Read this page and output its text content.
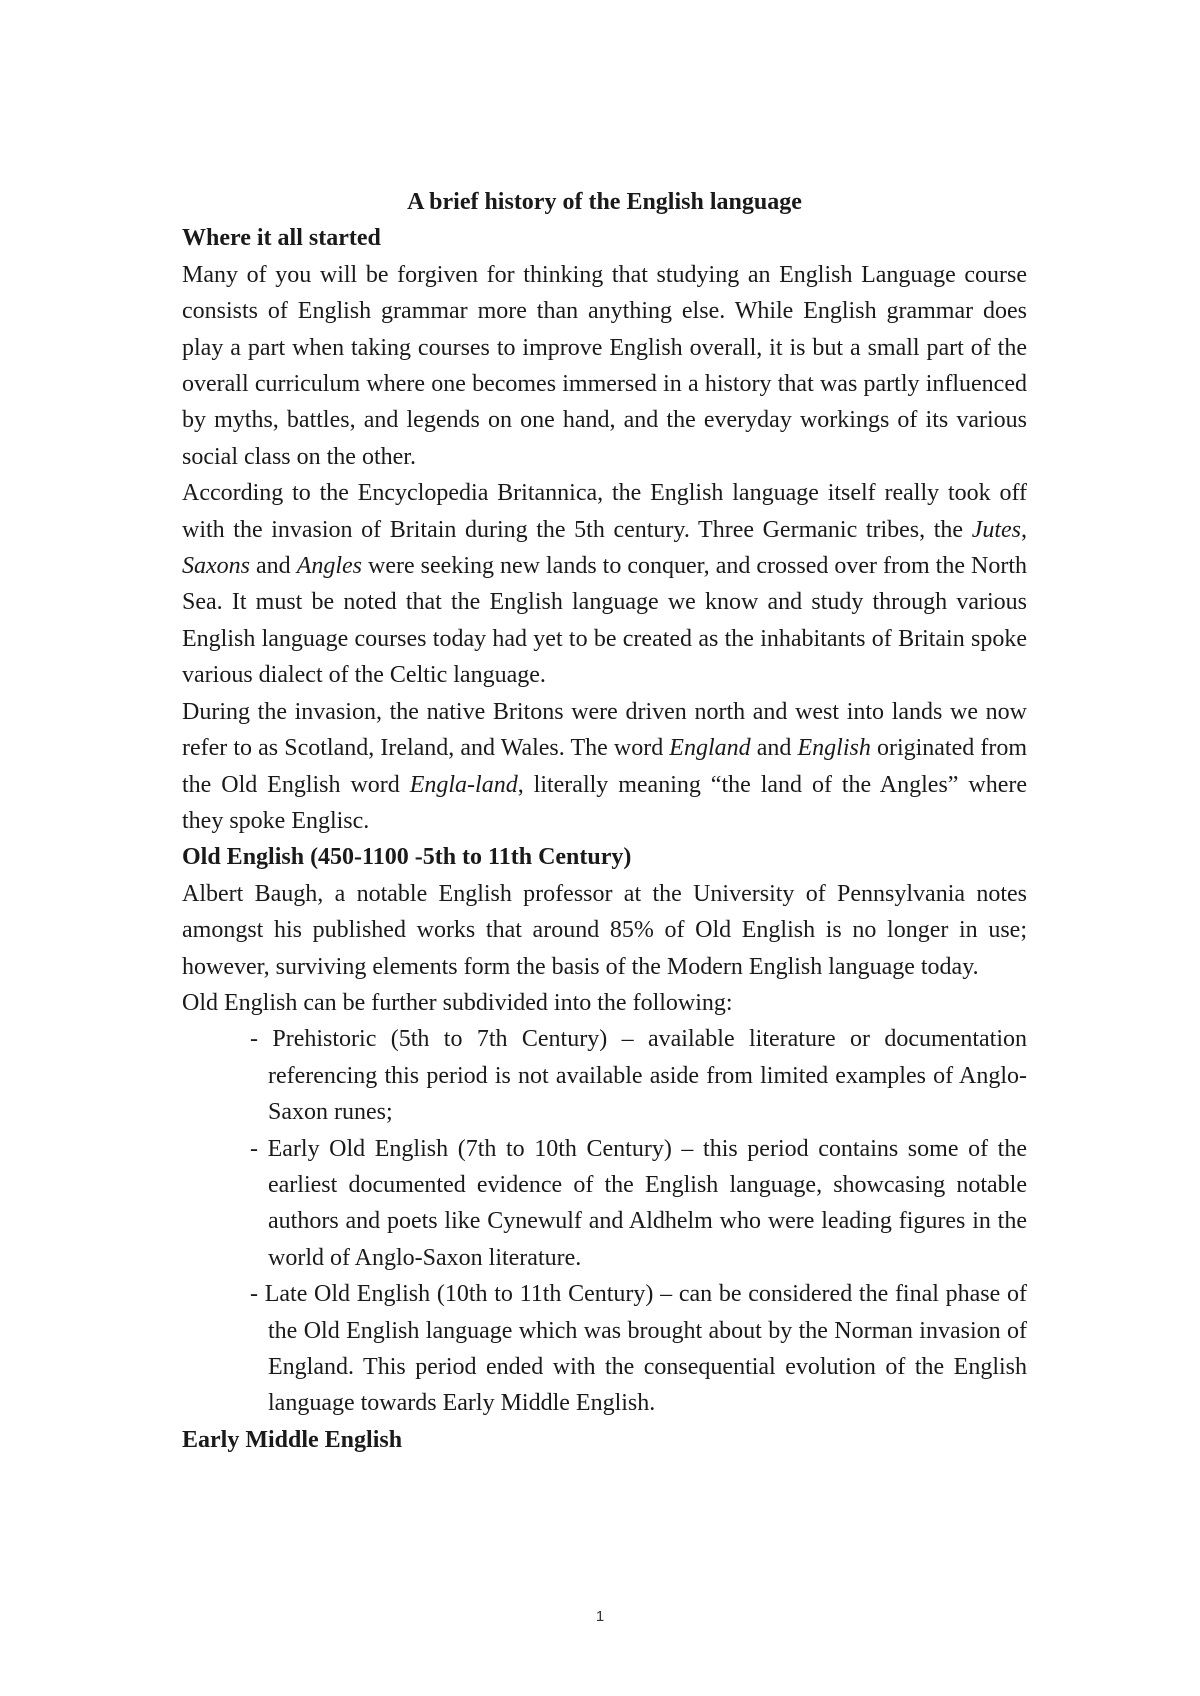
A brief history of the English language

Where it all started

Many of you will be forgiven for thinking that studying an English Language course consists of English grammar more than anything else. While English grammar does play a part when taking courses to improve English overall, it is but a small part of the overall curriculum where one becomes immersed in a history that was partly influenced by myths, battles, and legends on one hand, and the everyday workings of its various social class on the other.

According to the Encyclopedia Britannica, the English language itself really took off with the invasion of Britain during the 5th century. Three Germanic tribes, the Jutes, Saxons and Angles were seeking new lands to conquer, and crossed over from the North Sea. It must be noted that the English language we know and study through various English language courses today had yet to be created as the inhabitants of Britain spoke various dialect of the Celtic language.

During the invasion, the native Britons were driven north and west into lands we now refer to as Scotland, Ireland, and Wales. The word England and English originated from the Old English word Engla-land, literally meaning “the land of the Angles” where they spoke Englisc.

Old English (450-1100 -5th to 11th Century)

Albert Baugh, a notable English professor at the University of Pennsylvania notes amongst his published works that around 85% of Old English is no longer in use; however, surviving elements form the basis of the Modern English language today.

Old English can be further subdivided into the following:

- Prehistoric (5th to 7th Century) – available literature or documentation referencing this period is not available aside from limited examples of Anglo-Saxon runes;
- Early Old English (7th to 10th Century) – this period contains some of the earliest documented evidence of the English language, showcasing notable authors and poets like Cynewulf and Aldhelm who were leading figures in the world of Anglo-Saxon literature.
- Late Old English (10th to 11th Century) – can be considered the final phase of the Old English language which was brought about by the Norman invasion of England. This period ended with the consequential evolution of the English language towards Early Middle English.

Early Middle English

1
